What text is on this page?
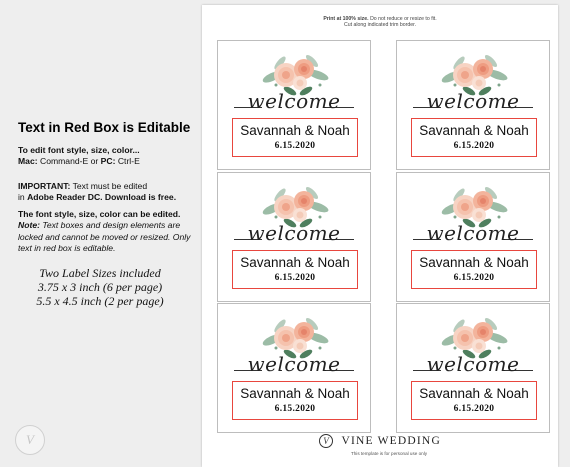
Text in Red Box is Editable
To edit font style, size, color...
Mac: Command-E or PC: Ctrl-E
IMPORTANT: Text must be edited
in Adobe Reader DC. Download is free.
The font style, size, color can be edited.
Note: Text boxes and design elements are locked and cannot be moved or resized. Only text in red box is editable.
Two Label Sizes included
3.75 x 3 inch (6 per page)
5.5 x 4.5 inch (2 per page)
V
Print at 100% size. Do not reduce or resize to fit.
Cut along indicated trim border.
welcome
Savannah & Noah
6.15.2020
welcome
Savannah & Noah
6.15.2020
welcome
Savannah & Noah
6.15.2020
welcome
Savannah & Noah
6.15.2020
welcome
Savannah & Noah
6.15.2020
welcome
Savannah & Noah
6.15.2020
V VINE WEDDING
This template is for personal use only
